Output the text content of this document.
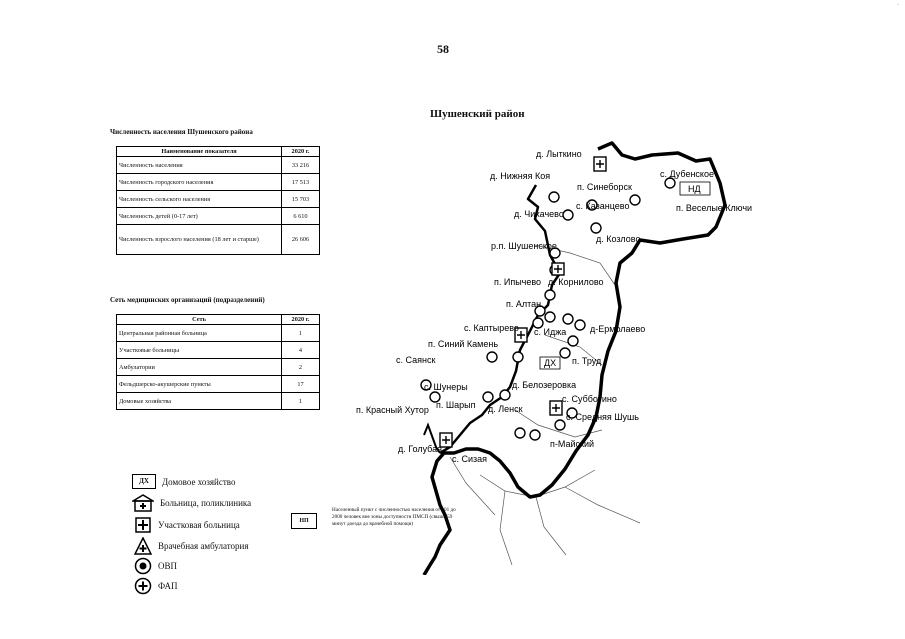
·
58
Шушенский район
Численность населения Шушенского района
Наименование показателя	2020 г.
Численность населения	33 216
Численность городского населения	17 513
Численность сельского населения	15 703
Численность детей (0-17 лет)	6 610
Численность взрослого населения (18 лет и старше)	26 606
Сеть медицинских организаций (подразделений)
Сеть	2020 г.
Центральная районная больница	1
Участковые больницы	4
Амбулатории	2
Фельдшерско-акушерские пункты	17
Домовые хозяйства	1
ДХ	Домовое хозяйство
Больница, поликлиника
Участковая больница
Врачебная амбулатория
ОВП
ФАП
НП
Населенный пункт с численностью населения от 101 до 2000 человек вне зоны доступности ПМСП (свыше 59 минут доезда до врачебной помощи)
НД
ДХ
д. Лыткино
д. Нижняя Коя
п. Синеборск
с. Дубенское
п. Веселые Ключи
д. Чихачево
с. Казанцево
д. Козлово
р.п. Шушенское
п. Ипычево д. Корнилово
п. Алтан
с. Каптырево с. Иджа	д-Ермолаево
п. Синий Камень
с. Саянск	п. Труд
с. Шунеры	д. Белозеровка
п. Шарып д. Ленск
с. Субботино
п. Красный Хутор
с. Средняя Шушь
п-Майский
д. Голубая
с. Сизая
